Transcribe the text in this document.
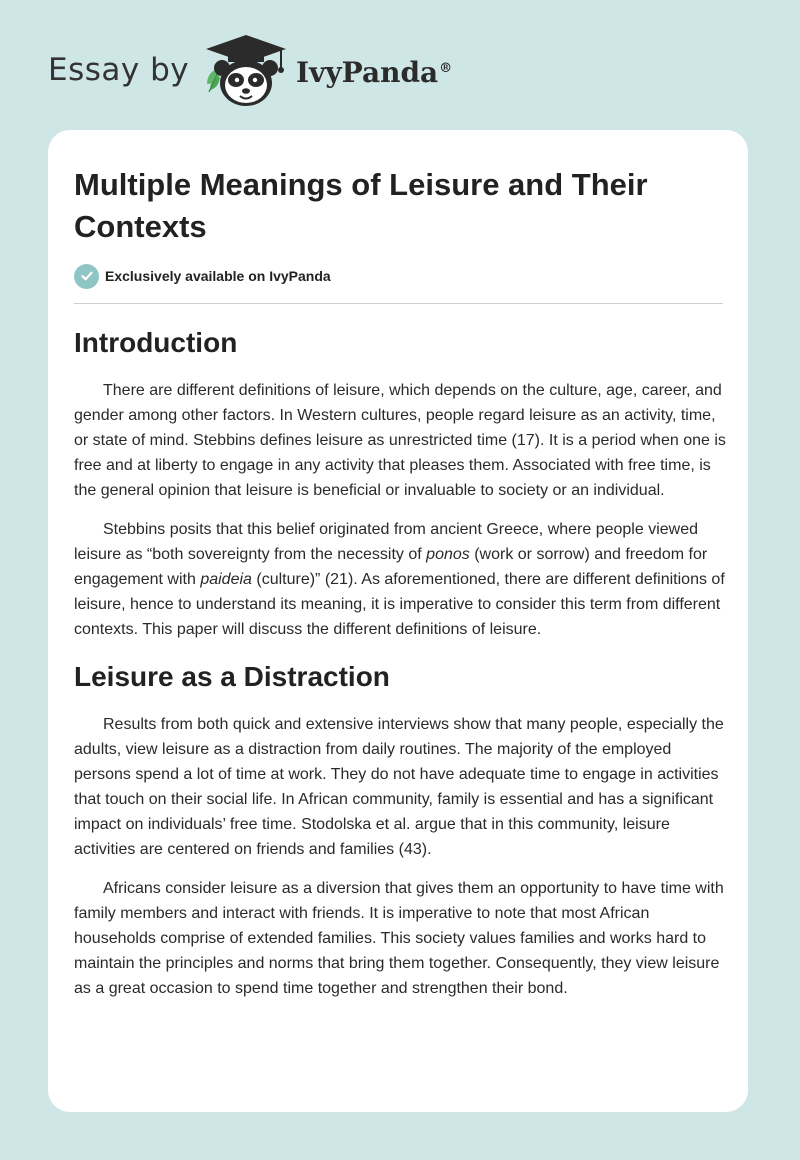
Essay by	IvyPanda®
Multiple Meanings of Leisure and Their Contexts
Exclusively available on IvyPanda
Introduction

There are different definitions of leisure, which depends on the culture, age, career, and gender among other factors. In Western cultures, people regard leisure as an activity, time, or state of mind. Stebbins defines leisure as unrestricted time (17). It is a period when one is free and at liberty to engage in any activity that pleases them. Associated with free time, is the general opinion that leisure is beneficial or invaluable to society or an individual.

Stebbins posits that this belief originated from ancient Greece, where people viewed leisure as “both sovereignty from the necessity of ponos (work or sorrow) and freedom for engagement with paideia (culture)” (21). As aforementioned, there are different definitions of leisure, hence to understand its meaning, it is imperative to consider this term from different contexts. This paper will discuss the different definitions of leisure.

Leisure as a Distraction

Results from both quick and extensive interviews show that many people, especially the adults, view leisure as a distraction from daily routines. The majority of the employed persons spend a lot of time at work. They do not have adequate time to engage in activities that touch on their social life. In African community, family is essential and has a significant impact on individuals’ free time. Stodolska et al. argue that in this community, leisure activities are centered on friends and families (43).

Africans consider leisure as a diversion that gives them an opportunity to have time with family members and interact with friends. It is imperative to note that most African households comprise of extended families. This society values families and works hard to maintain the principles and norms that bring them together. Consequently, they view leisure as a great occasion to spend time together and strengthen their bond.
